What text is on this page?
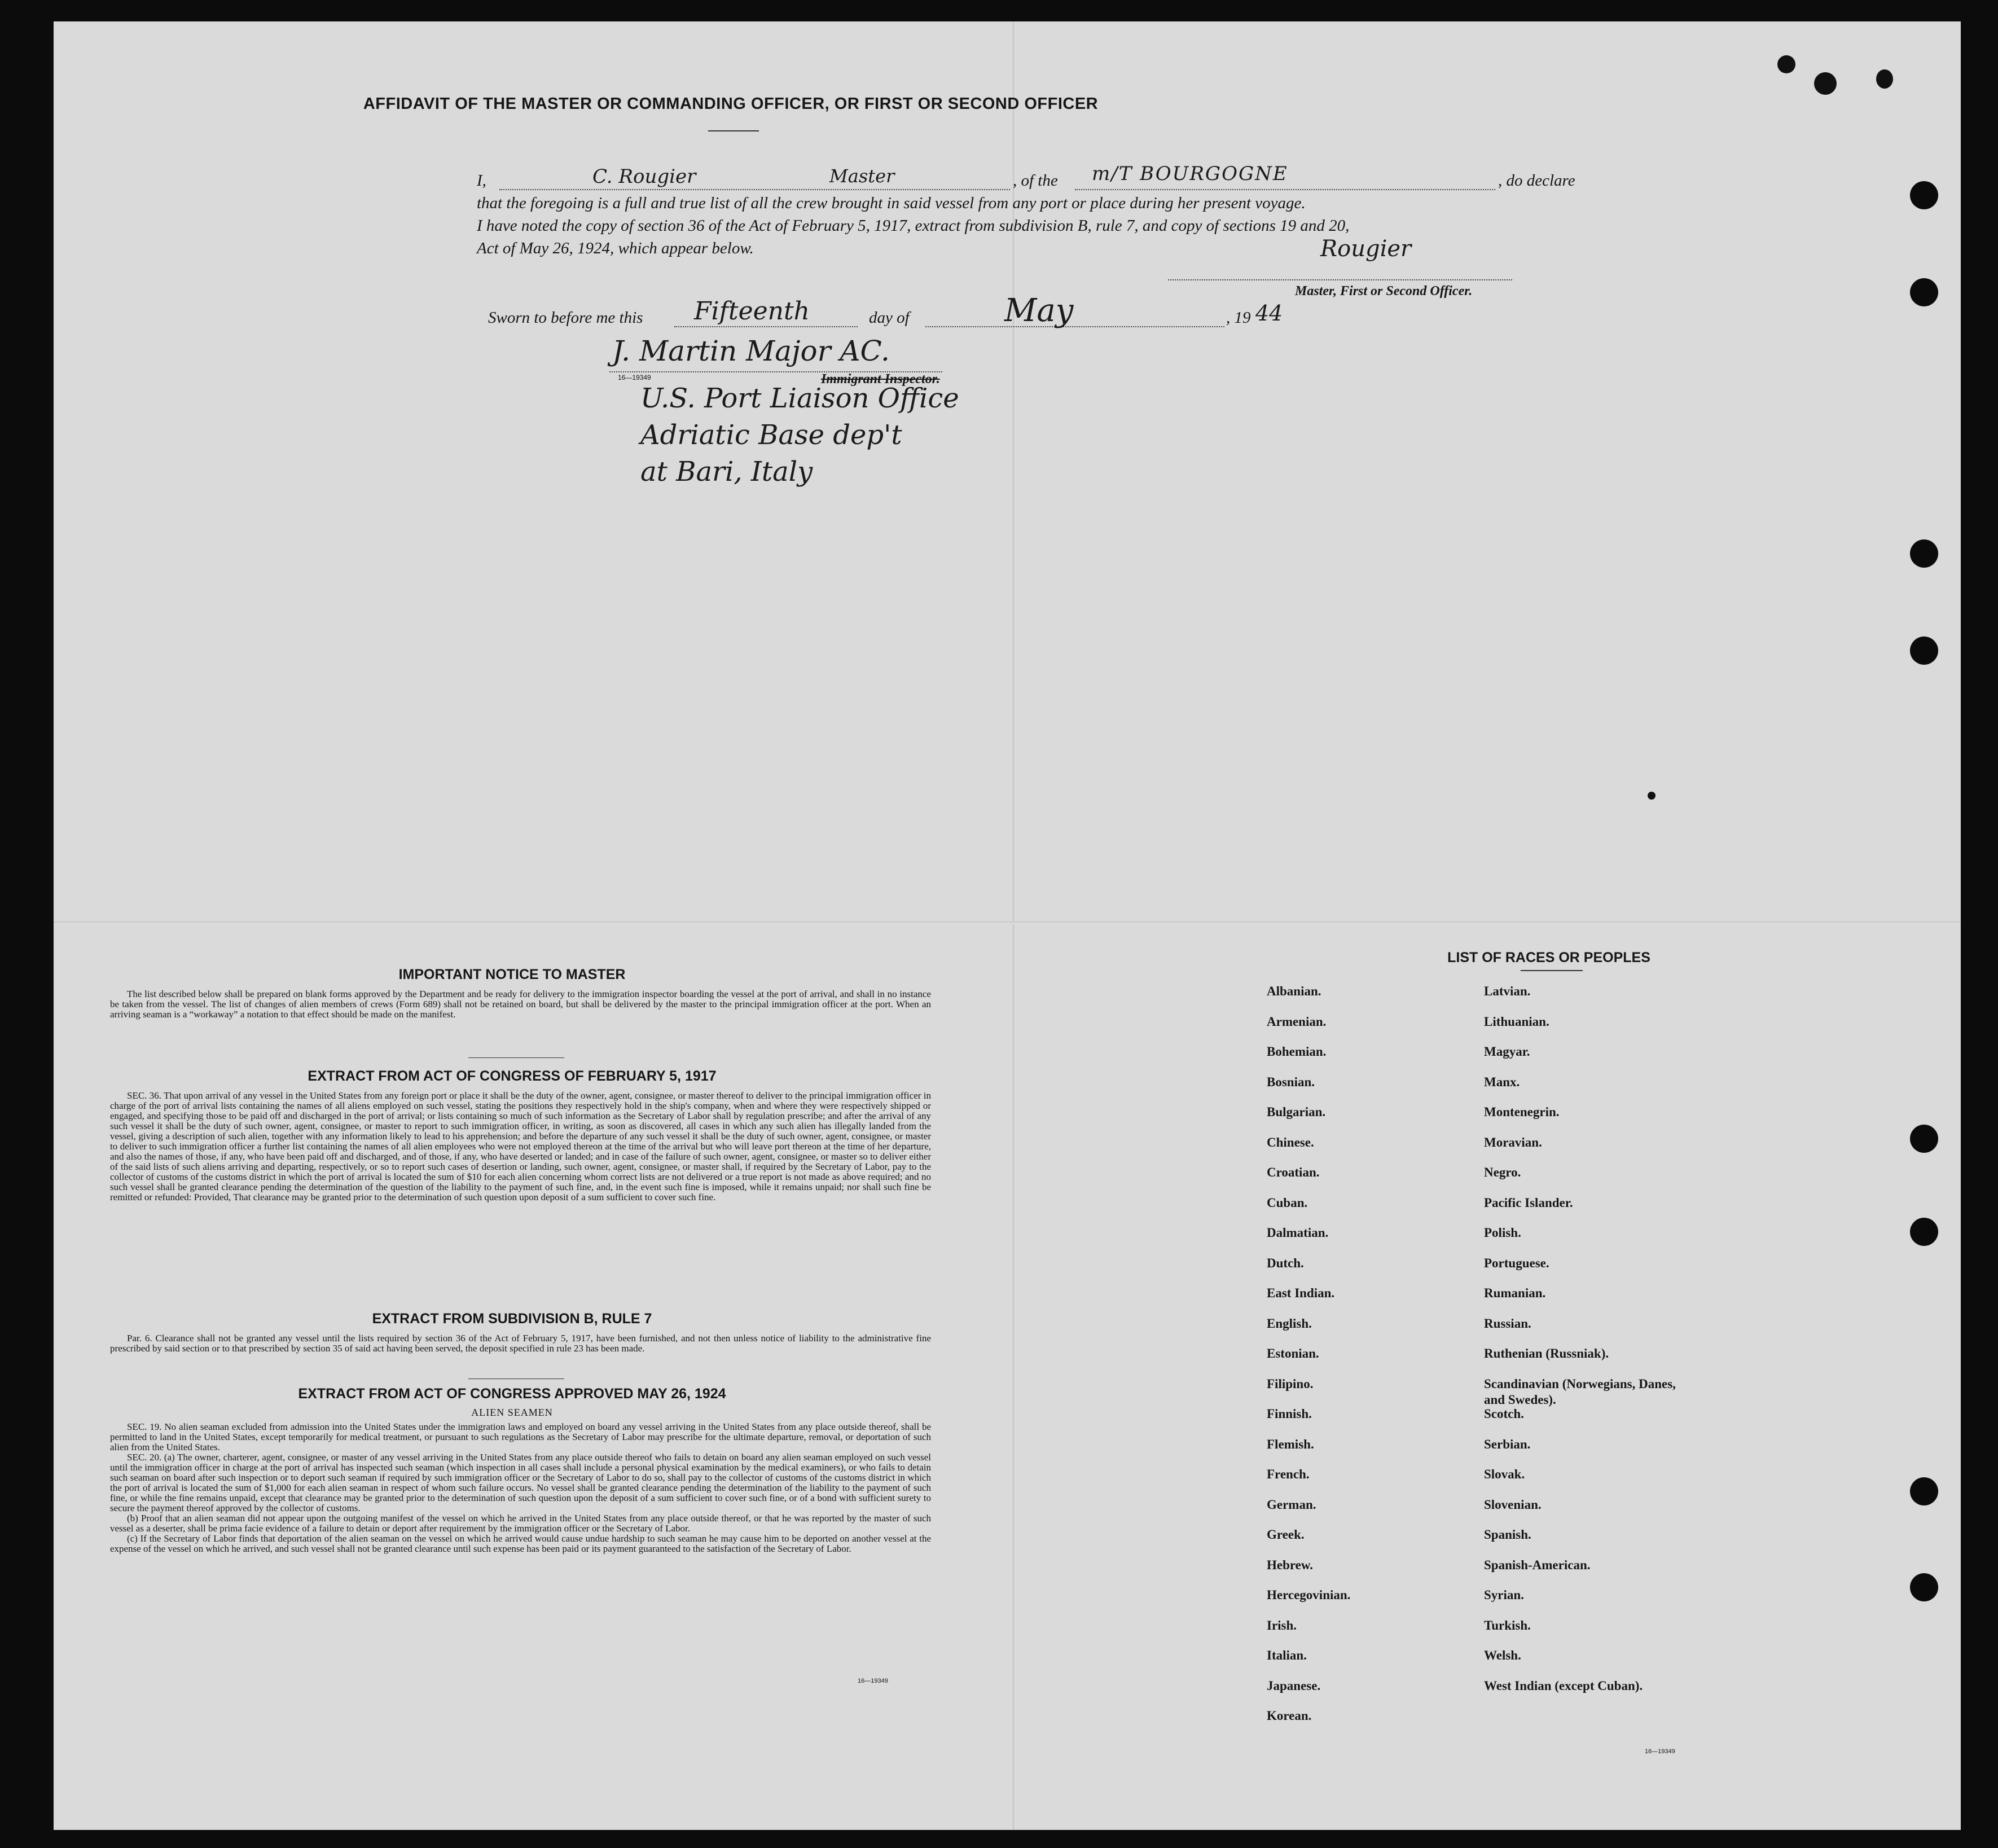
AFFIDAVIT OF THE MASTER OR COMMANDING OFFICER, OR FIRST OR SECOND OFFICER
I,	C. Rougier	Master	, of the m/T BOURGOGNE	, do declare
that the foregoing is a full and true list of all the crew brought in said vessel from any port or place during her present voyage.
I have noted the copy of section 36 of the Act of February 5, 1917, extract from subdivision B, rule 7, and copy of sections 19 and 20,
Act of May 26, 1924, which appear below.	Rougier
Master, First or Second Officer.
Sworn to before me this Fifteenth	day of	May	, 19 44
J. Martin Major AC.
16—19349	Immigrant Inspector.
U.S. Port Liaison Office
Adriatic Base dep't
at Bari, Italy
IMPORTANT NOTICE TO MASTER

The list described below shall be prepared on blank forms approved by the Department and be ready for delivery to the immigration inspector boarding the vessel at the port of arrival, and shall in no instance be taken from the vessel. The list of changes of alien members of crews (Form 689) shall not be retained on board, but shall be delivered by the master to the principal immigration officer at the port. When an arriving seaman is a “workaway” a notation to that effect should be made on the manifest.

EXTRACT FROM ACT OF CONGRESS OF FEBRUARY 5, 1917

SEC. 36. That upon arrival of any vessel in the United States from any foreign port or place it shall be the duty of the owner, agent, consignee, or master thereof to deliver to the principal immigration officer in charge of the port of arrival lists containing the names of all aliens employed on such vessel, stating the positions they respectively hold in the ship's company, when and where they were respectively shipped or engaged, and specifying those to be paid off and discharged in the port of arrival; or lists containing so much of such information as the Secretary of Labor shall by regulation prescribe; and after the arrival of any such vessel it shall be the duty of such owner, agent, consignee, or master to report to such immigration officer, in writing, as soon as discovered, all cases in which any such alien has illegally landed from the vessel, giving a description of such alien, together with any information likely to lead to his apprehension; and before the departure of any such vessel it shall be the duty of such owner, agent, consignee, or master to deliver to such immigration officer a further list containing the names of all alien employees who were not employed thereon at the time of the arrival but who will leave port thereon at the time of her departure, and also the names of those, if any, who have been paid off and discharged, and of those, if any, who have deserted or landed; and in case of the failure of such owner, agent, consignee, or master so to deliver either of the said lists of such aliens arriving and departing, respectively, or so to report such cases of desertion or landing, such owner, agent, consignee, or master shall, if required by the Secretary of Labor, pay to the collector of customs of the customs district in which the port of arrival is located the sum of $10 for each alien concerning whom correct lists are not delivered or a true report is not made as above required; and no such vessel shall be granted clearance pending the determination of the question of the liability to the payment of such fine, and, in the event such fine is imposed, while it remains unpaid; nor shall such fine be remitted or refunded: Provided, That clearance may be granted prior to the determination of such question upon deposit of a sum sufficient to cover such fine.

EXTRACT FROM SUBDIVISION B, RULE 7

Par. 6. Clearance shall not be granted any vessel until the lists required by section 36 of the Act of February 5, 1917, have been furnished, and not then unless notice of liability to the administrative fine prescribed by said section or to that prescribed by section 35 of said act having been served, the deposit specified in rule 23 has been made.

EXTRACT FROM ACT OF CONGRESS APPROVED MAY 26, 1924
ALIEN SEAMEN

SEC. 19. No alien seaman excluded from admission into the United States under the immigration laws and employed on board any vessel arriving in the United States from any place outside thereof, shall be permitted to land in the United States, except temporarily for medical treatment, or pursuant to such regulations as the Secretary of Labor may prescribe for the ultimate departure, removal, or deportation of such alien from the United States.

SEC. 20. (a) The owner, charterer, agent, consignee, or master of any vessel arriving in the United States from any place outside thereof who fails to detain on board any alien seaman employed on such vessel until the immigration officer in charge at the port of arrival has inspected such seaman (which inspection in all cases shall include a personal physical examination by the medical examiners), or who fails to detain such seaman on board after such inspection or to deport such seaman if required by such immigration officer or the Secretary of Labor to do so, shall pay to the collector of customs of the customs district in which the port of arrival is located the sum of $1,000 for each alien seaman in respect of whom such failure occurs. No vessel shall be granted clearance pending the determination of the liability to the payment of such fine, or while the fine remains unpaid, except that clearance may be granted prior to the determination of such question upon the deposit of a sum sufficient to cover such fine, or of a bond with sufficient surety to secure the payment thereof approved by the collector of customs.

(b) Proof that an alien seaman did not appear upon the outgoing manifest of the vessel on which he arrived in the United States from any place outside thereof, or that he was reported by the master of such vessel as a deserter, shall be prima facie evidence of a failure to detain or deport after requirement by the immigration officer or the Secretary of Labor.

(c) If the Secretary of Labor finds that deportation of the alien seaman on the vessel on which he arrived would cause undue hardship to such seaman he may cause him to be deported on another vessel at the expense of the vessel on which he arrived, and such vessel shall not be granted clearance until such expense has been paid or its payment guaranteed to the satisfaction of the Secretary of Labor.

16—19349
LIST OF RACES OR PEOPLES
Albanian.
Armenian.
Bohemian.
Bosnian.
Bulgarian.
Chinese.
Croatian.
Cuban.
Dalmatian.
Dutch.
East Indian.
English.
Estonian.
Filipino.
Finnish.
Flemish.
French.
German.
Greek.
Hebrew.
Hercegovinian.
Irish.
Italian.
Japanese.
Korean.
Latvian.
Lithuanian.
Magyar.
Manx.
Montenegrin.
Moravian.
Negro.
Pacific Islander.
Polish.
Portuguese.
Rumanian.
Russian.
Ruthenian (Russniak).
Scandinavian (Norwegians, Danes, and Swedes).
Scotch.
Serbian.
Slovak.
Slovenian.
Spanish.
Spanish-American.
Syrian.
Turkish.
Welsh.
West Indian (except Cuban).
16—19349
